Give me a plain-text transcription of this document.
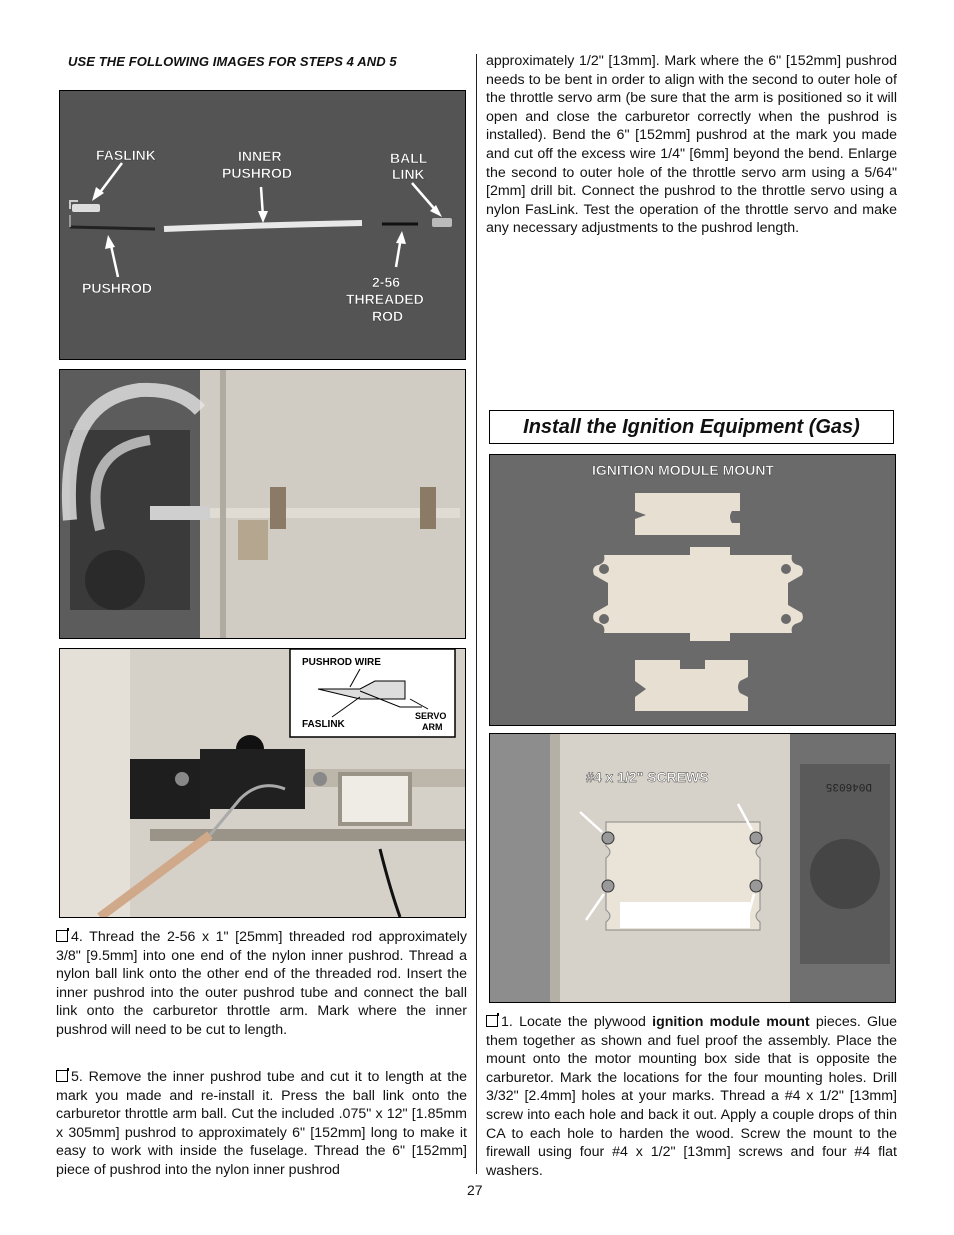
USE THE FOLLOWING IMAGES FOR STEPS 4 AND 5
FASLINK	INNER
PUSHROD
BALL
LINK
PUSHROD	2-56
THREADED
ROD
PUSHROD WIRE
FASLINK
SERVO
ARM

4. Thread the 2-56 x 1" [25mm] threaded rod approximately 3/8" [9.5mm] into one end of the nylon inner pushrod. Thread a nylon ball link onto the other end of the threaded rod. Insert the inner pushrod into the outer pushrod tube and connect the ball link onto the carburetor throttle arm. Mark where the inner pushrod will need to be cut to length.

5. Remove the inner pushrod tube and cut it to length at the mark you made and re-install it. Press the ball link onto the carburetor throttle arm ball. Cut the included .075" x 12" [1.85mm x 305mm] pushrod to approximately 6" [152mm] long to make it easy to work with inside the fuselage. Thread the 6" [152mm] piece of pushrod into the nylon inner pushrod

approximately 1/2" [13mm]. Mark where the 6" [152mm] pushrod needs to be bent in order to align with the second to outer hole of the throttle servo arm (be sure that the arm is positioned so it will open and close the carburetor correctly when the pushrod is installed). Bend the 6" [152mm] pushrod at the mark you made and cut off the excess wire 1/4" [6mm] beyond the bend. Enlarge the second to outer hole of the throttle servo arm using a 5/64" [2mm] drill bit. Connect the pushrod to the throttle servo using a nylon FasLink. Test the operation of the throttle servo and make any necessary adjustments to the pushrod length.

Install the Ignition Equipment (Gas)
IGNITION MODULE MOUNT
#4 x 1/2" SCREWS
D046035

1. Locate the plywood ignition module mount pieces. Glue them together as shown and fuel proof the assembly. Place the mount onto the motor mounting box side that is opposite the carburetor. Mark the locations for the four mounting holes. Drill 3/32" [2.4mm] holes at your marks. Thread a #4 x 1/2" [13mm] screw into each hole and back it out. Apply a couple drops of thin CA to each hole to harden the wood. Screw the mount to the firewall using four #4 x 1/2" [13mm] screws and four #4 flat washers.

27
